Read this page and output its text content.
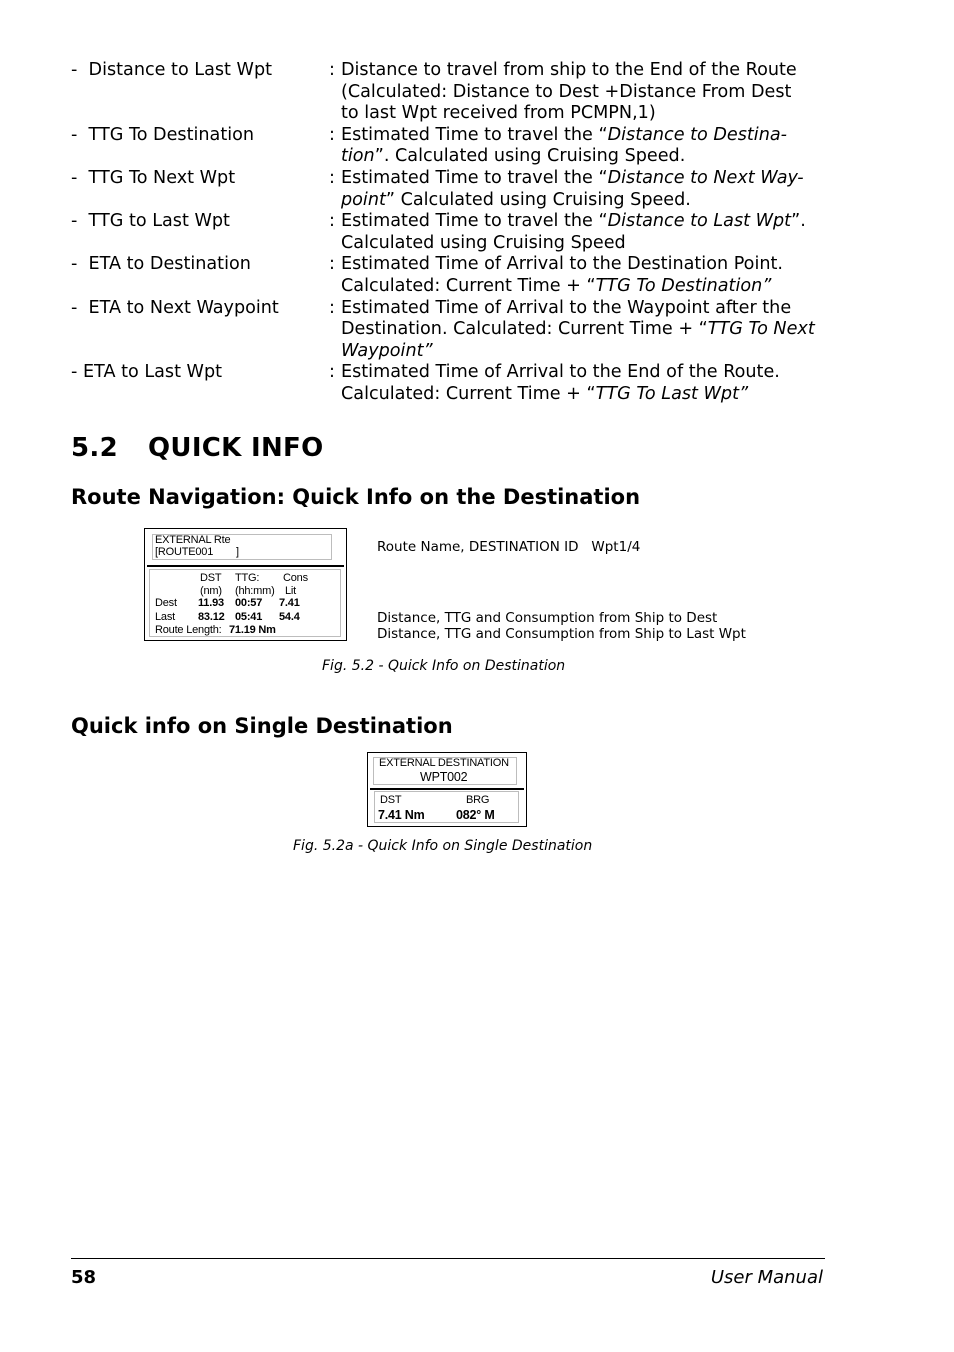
-  Distance to Last Wpt	: Distance to travel from ship to the End of the Route
(Calculated: Distance to Dest +Distance From Dest
to last Wpt received from PCMPN,1)
-  TTG To Destination	: Estimated Time to travel the “Distance to Destina-
tion”. Calculated using Cruising Speed.
-  TTG To Next Wpt	: Estimated Time to travel the “Distance to Next Way-
point” Calculated using Cruising Speed.
-  TTG to Last Wpt	: Estimated Time to travel the “Distance to Last Wpt”.
Calculated using Cruising Speed
-  ETA to Destination	: Estimated Time of Arrival to the Destination Point.
Calculated: Current Time + “TTG To Destination”
-  ETA to Next Waypoint	: Estimated Time of Arrival to the Waypoint after the
Destination. Calculated: Current Time + “TTG To Next
Waypoint”
- ETA to Last Wpt	: Estimated Time of Arrival to the End of the Route.
Calculated: Current Time + “TTG To Last Wpt”
5.2 QUICK INFO
Route Navigation: Quick Info on the Destination
EXTERNAL Rte
[ROUTE001        ]
DST TTG: Cons
(nm) (hh:mm) Lit
Dest 11.93 00:57 7.41
Last 83.12 05:41 54.4
Route Length: 71.19 Nm
Route Name, DESTINATION ID   Wpt1/4
Distance, TTG and Consumption from Ship to Dest
Distance, TTG and Consumption from Ship to Last Wpt
Fig. 5.2 - Quick Info on Destination
Quick info on Single Destination
EXTERNAL DESTINATION
WPT002
DST	BRG
7.41 Nm	082° M
Fig. 5.2a - Quick Info on Single Destination
58	User Manual
